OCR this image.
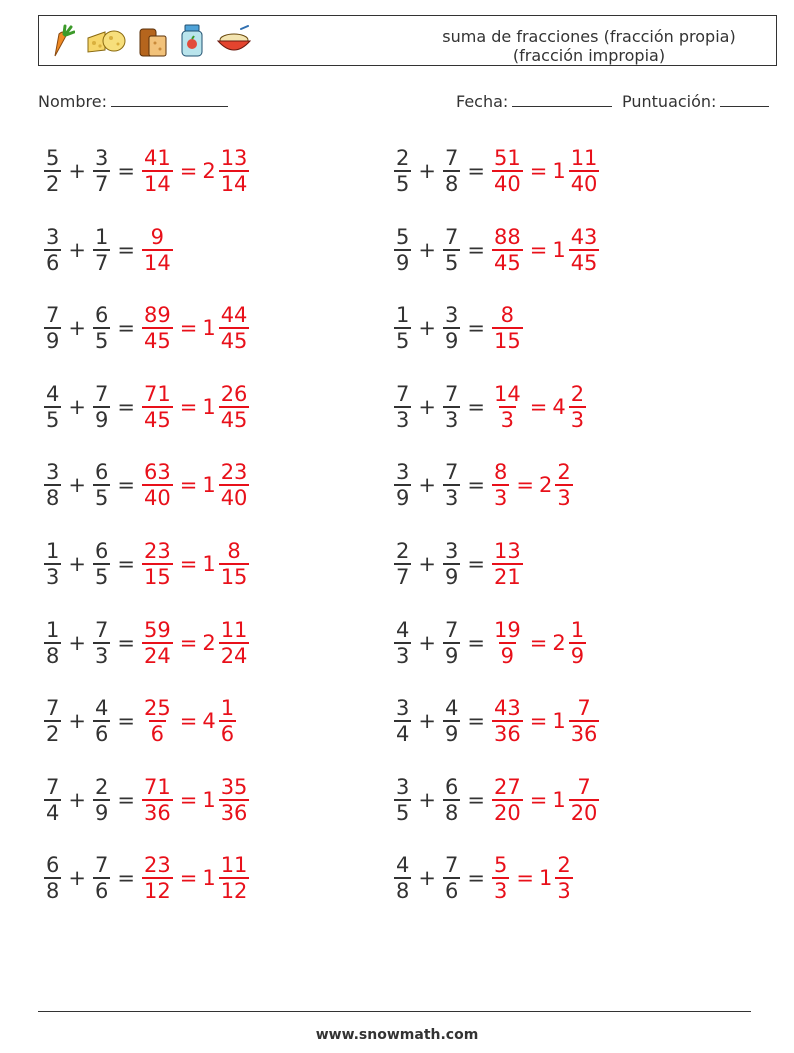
suma de fracciones (fracción propia)
(fracción impropia)
Nombre:	Fecha:	Puntuación:
$\frac{5}{2} + \frac{3}{7} = \frac{41}{14} = 2 \frac{13}{14}$	$\frac{2}{5} + \frac{7}{8} = \frac{51}{40} = 1 \frac{11}{40}$
$\frac{3}{6} + \frac{1}{7} = \frac{9}{14}$	$\frac{5}{9} + \frac{7}{5} = \frac{88}{45} = 1 \frac{43}{45}$
$\frac{7}{9} + \frac{6}{5} = \frac{89}{45} = 1 \frac{44}{45}$	$\frac{1}{5} + \frac{3}{9} = \frac{8}{15}$
$\frac{4}{5} + \frac{7}{9} = \frac{71}{45} = 1 \frac{26}{45}$	$\frac{7}{3} + \frac{7}{3} = \frac{14}{3} = 4 \frac{2}{3}$
$\frac{3}{8} + \frac{6}{5} = \frac{63}{40} = 1 \frac{23}{40}$	$\frac{3}{9} + \frac{7}{3} = \frac{8}{3} = 2 \frac{2}{3}$
$\frac{1}{3} + \frac{6}{5} = \frac{23}{15} = 1 \frac{8}{15}$	$\frac{2}{7} + \frac{3}{9} = \frac{13}{21}$
$\frac{1}{8} + \frac{7}{3} = \frac{59}{24} = 2 \frac{11}{24}$	$\frac{4}{3} + \frac{7}{9} = \frac{19}{9} = 2 \frac{1}{9}$
$\frac{7}{2} + \frac{4}{6} = \frac{25}{6} = 4 \frac{1}{6}$	$\frac{3}{4} + \frac{4}{9} = \frac{43}{36} = 1 \frac{7}{36}$
$\frac{7}{4} + \frac{2}{9} = \frac{71}{36} = 1 \frac{35}{36}$	$\frac{3}{5} + \frac{6}{8} = \frac{27}{20} = 1 \frac{7}{20}$
$\frac{6}{8} + \frac{7}{6} = \frac{23}{12} = 1 \frac{11}{12}$	$\frac{4}{8} + \frac{7}{6} = \frac{5}{3} = 1 \frac{2}{3}$
www.snowmath.com
